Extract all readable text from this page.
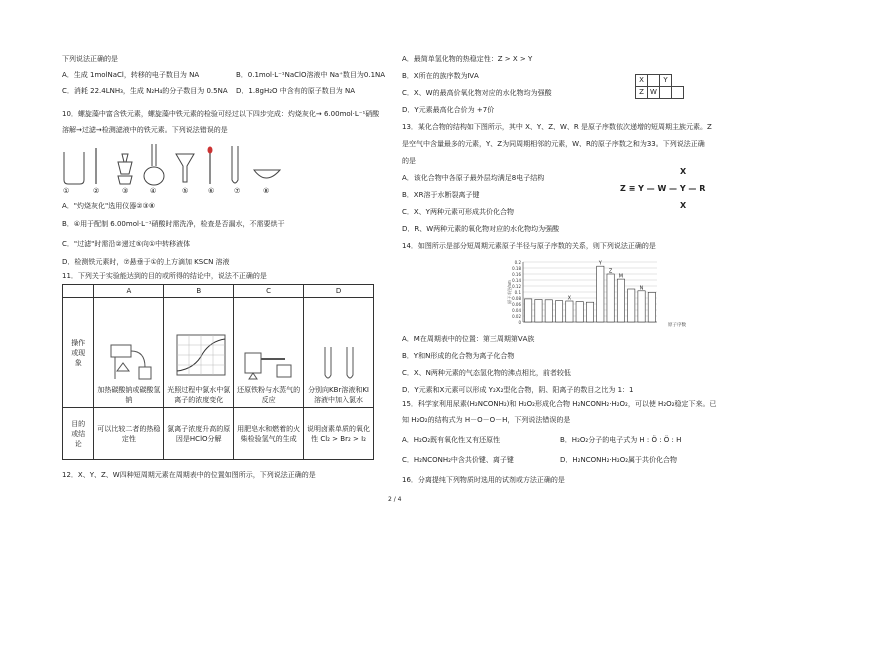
下列说法正确的是
A．生成 1molNaCl，转移的电子数目为 NA	B．0.1mol·L⁻¹NaClO溶液中 Na⁺数目为0.1NA
C．消耗 22.4LNH₃，生成 N₂H₄的分子数目为 0.5NA D．1.8gH₂O 中含有的原子数目为 NA
10．螺旋藻中富含铁元素，螺旋藻中铁元素的检验可经过以下四步完成：灼烧灰化→ 6.00mol·L⁻¹硝酸
溶解→过滤→检测滤液中的铁元素。下列说法错误的是
①	②	③	④	⑤	⑥	⑦	⑧
A．"灼烧灰化"选用仪器②③⑧
B．④用于配制 6.00mol·L⁻¹硝酸时需洗净，检查是否漏水，不需要烘干
C．"过滤"时需沿②递过⑤向①中转移液体
D．检测铁元素时，⑦悬垂于①的上方滴加 KSCN 溶液
11．下列关于实验能达到的目的或所得的结论中，说法不正确的是
	A	B	C	D

操作或现象	加热碳酸钠或碳酸氢钠	光照过程中氯水中氯离子的浓度变化	还原铁粉与水蒸气的反应	分别向KBr溶液和KI溶液中加入氯水

目的或结论	可以比较二者的热稳定性	氯离子浓度升高的原因是HClO分解	用肥皂水和燃着的火柴检验氢气的生成	说明卤素单质的氧化性 Cl₂ > Br₂ > I₂
12．X、Y、Z、W四种短周期元素在周期表中的位置如图所示，下列说法正确的是
A．最简单氢化物的热稳定性：Z > X > Y
B．X所在的族序数为ⅣA
C．X、W的最高价氧化物对应的水化物均为强酸
D．Y元素最高化合价为 +7价
X	Y
Z W
13．某化合物的结构如下图所示，其中 X、Y、Z、W、R 是原子序数依次递增的短周期主族元素。Z
是空气中含量最多的元素，Y、Z为同周期相邻的元素，W、R的原子序数之和为33。下列说法正确
的是
A．该化合物中各原子最外层均满足8电子结构
B．XR溶于水断裂离子键
C．X、Y两种元素可形成共价化合物
D．R、W两种元素的氧化物对应的水化物均为强酸
X
Z ≡ Y — W — Y — R
X
14．如图所示是部分短周期元素原子半径与原子序数的关系，则下列说法正确的是
0.2
0.18
0.16
0.14
0.12
0.1
0.08
0.06
0.04
0.02
0
X
Y
Z
M
N
原子半径/nm
原子序数
A．M在周期表中的位置：第三周期第ⅤA族
B．Y和N形成的化合物为离子化合物
C．X、N两种元素的气态氢化物的沸点相比，前者较低
D．Y元素和X元素可以形成 Y₂X₂型化合物，阴、阳离子的数目之比为 1：1
15．科学家利用尿素(H₂NCONH₂)和 H₂O₂形成化合物 H₂NCONH₂·H₂O₂，可以使 H₂O₂稳定下来。已
知 H₂O₂的结构式为 H－O－O－H，下列说法错误的是
A．H₂O₂既有氧化性又有还原性	B．H₂O₂分子的电子式为 H : Ö : Ö : H
C．H₂NCONH₂中含共价键、离子键	D．H₂NCONH₂·H₂O₂属于共价化合物
16．分离提纯下列物质时选用的试剂或方法正确的是
2 / 4
